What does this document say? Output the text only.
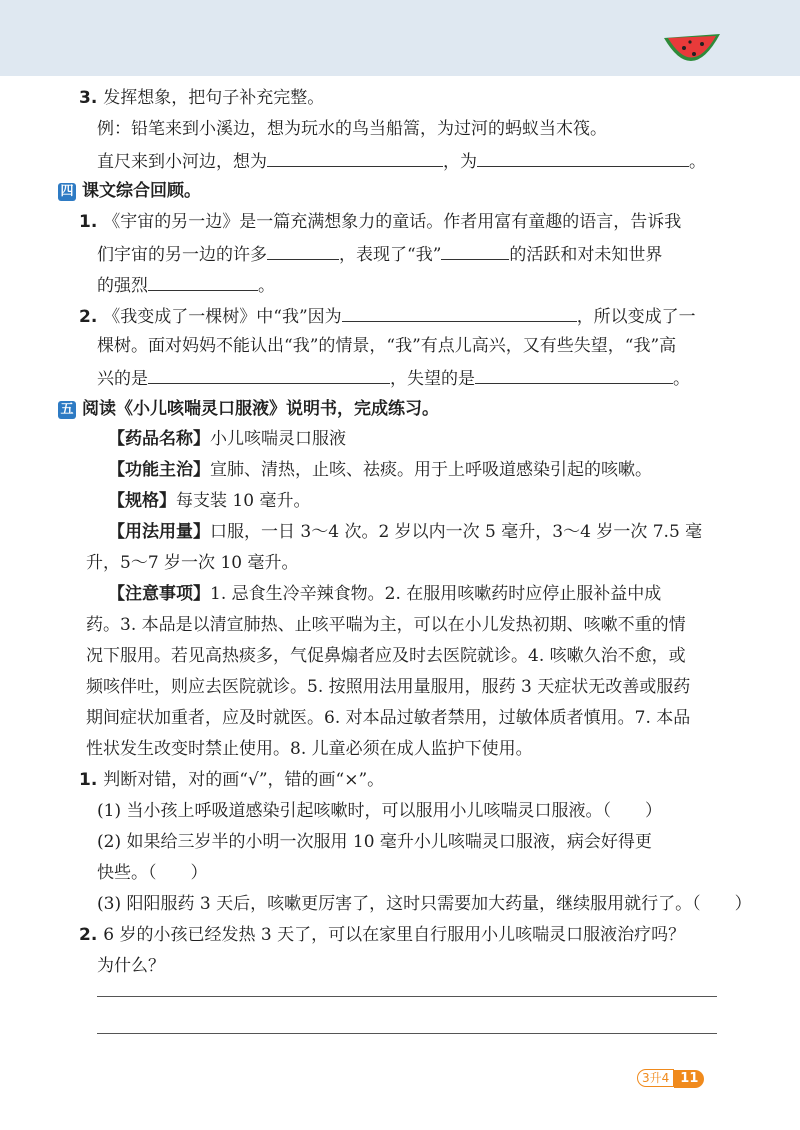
3. 发挥想象，把句子补充完整。
例：铅笔来到小溪边，想为玩水的鸟当船篙，为过河的蚂蚁当木筏。
直尺来到小河边，想为	，为	。
四 课文综合回顾。
1. 《宇宙的另一边》是一篇充满想象力的童话。作者用富有童趣的语言，告诉我
们宇宙的另一边的许多	，表现了“我”	的活跃和对未知世界
的强烈	。
2. 《我变成了一棵树》中“我”因为	，所以变成了一
棵树。面对妈妈不能认出“我”的情景，“我”有点儿高兴，又有些失望，“我”高
兴的是	，失望的是	。
五 阅读《小儿咳喘灵口服液》说明书，完成练习。
【药品名称】小儿咳喘灵口服液
【功能主治】宣肺、清热，止咳、祛痰。用于上呼吸道感染引起的咳嗽。
【规格】每支装 10 毫升。
【用法用量】口服，一日 3～4 次。2 岁以内一次 5 毫升，3～4 岁一次 7.5 毫
升，5～7 岁一次 10 毫升。
【注意事项】1. 忌食生冷辛辣食物。2. 在服用咳嗽药时应停止服补益中成
药。3. 本品是以清宣肺热、止咳平喘为主，可以在小儿发热初期、咳嗽不重的情
况下服用。若见高热痰多，气促鼻煽者应及时去医院就诊。4. 咳嗽久治不愈，或
频咳伴吐，则应去医院就诊。5. 按照用法用量服用，服药 3 天症状无改善或服药
期间症状加重者，应及时就医。6. 对本品过敏者禁用，过敏体质者慎用。7. 本品
性状发生改变时禁止使用。8. 儿童必须在成人监护下使用。
1. 判断对错，对的画“√”，错的画“×”。
(1) 当小孩上呼吸道感染引起咳嗽时，可以服用小儿咳喘灵口服液。（　　）
(2) 如果给三岁半的小明一次服用 10 毫升小儿咳喘灵口服液，病会好得更
快些。（　　）
(3) 阳阳服药 3 天后，咳嗽更厉害了，这时只需要加大药量，继续服用就行了。（　　）
2. 6 岁的小孩已经发热 3 天了，可以在家里自行服用小儿咳喘灵口服液治疗吗？
为什么？
3升4 11
